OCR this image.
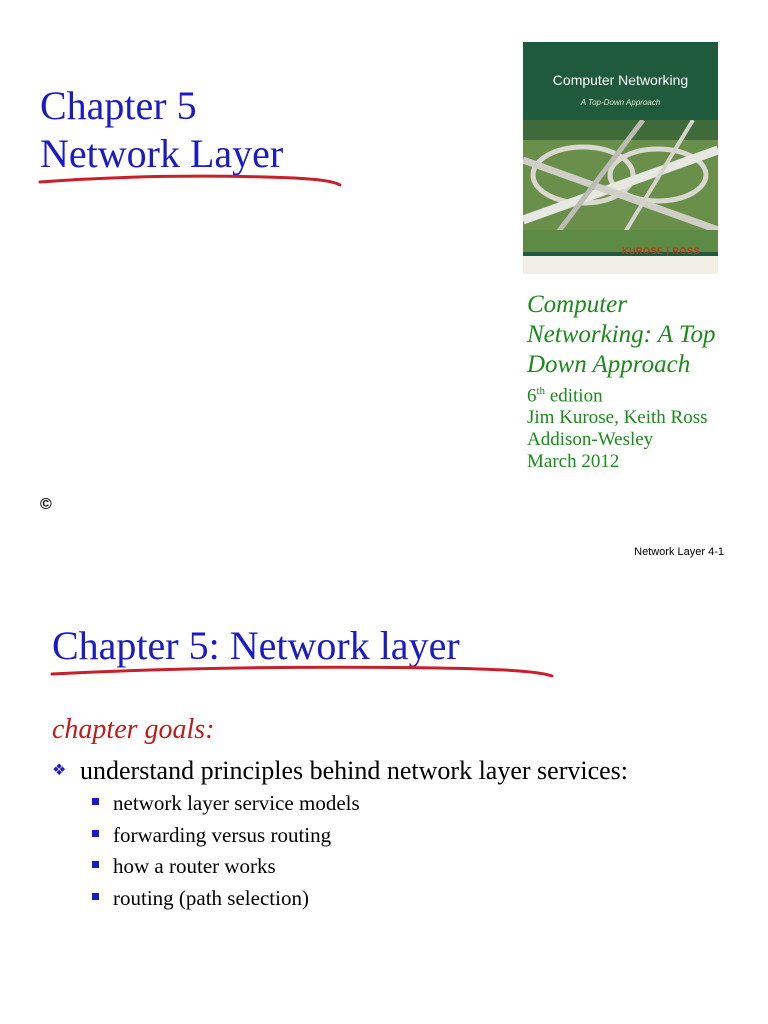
Chapter 5
Network Layer
Computer Networking
A Top-Down Approach
KUROSE | ROSS
Computer
Networking: A Top
Down Approach
6th edition
Jim Kurose, Keith Ross
Addison-Wesley
March 2012
©
Network Layer 4-1
Chapter 5: Network layer
chapter goals:
❖ understand principles behind network layer services:
network layer service models
forwarding versus routing
how a router works
routing (path selection)
